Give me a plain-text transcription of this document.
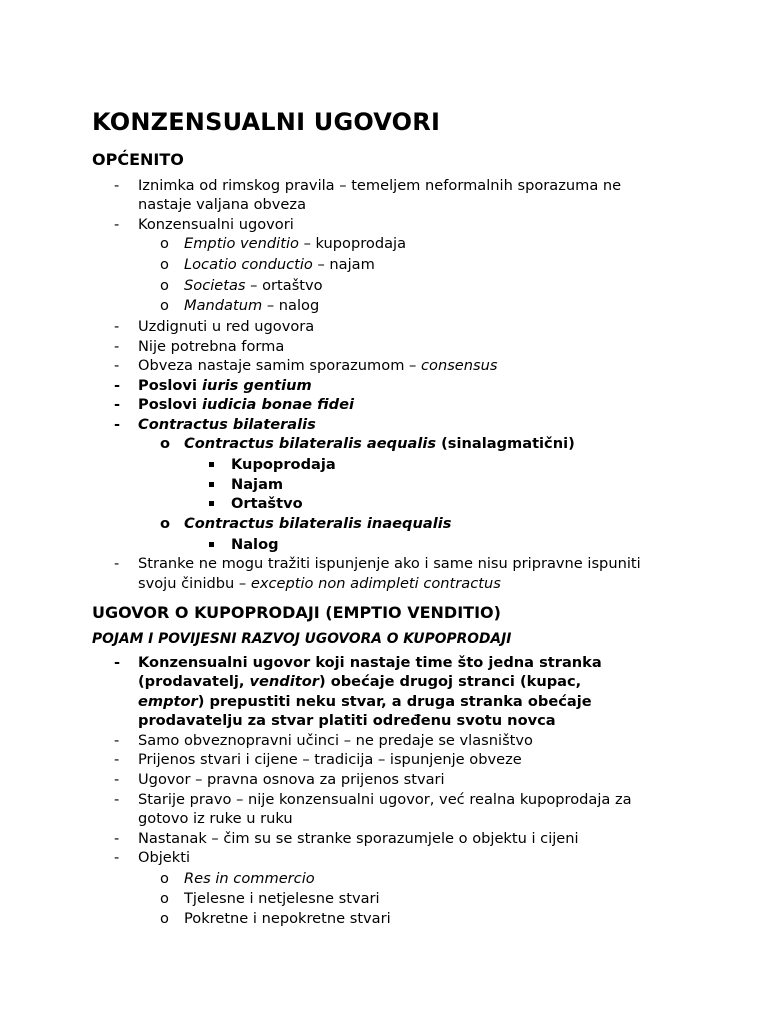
KONZENSUALNI UGOVORI
OPĆENITO
- Iznimka od rimskog pravila – temeljem neformalnih sporazuma ne
nastaje valjana obveza
- Konzensualni ugovori
o Emptio venditio – kupoprodaja
o Locatio conductio – najam
o Societas – ortaštvo
o Mandatum – nalog
- Uzdignuti u red ugovora
- Nije potrebna forma
- Obveza nastaje samim sporazumom – consensus
- Poslovi iuris gentium
- Poslovi iudicia bonae fidei
- Contractus bilateralis
o Contractus bilateralis aequalis (sinalagmatični)
Kupoprodaja
Najam
Ortaštvo
o Contractus bilateralis inaequalis
Nalog
- Stranke ne mogu tražiti ispunjenje ako i same nisu pripravne ispuniti
svoju činidbu – exceptio non adimpleti contractus
UGOVOR O KUPOPRODAJI (EMPTIO VENDITIO)
POJAM I POVIJESNI RAZVOJ UGOVORA O KUPOPRODAJI
- Konzensualni ugovor koji nastaje time što jedna stranka
(prodavatelj, venditor) obećaje drugoj stranci (kupac,
emptor) prepustiti neku stvar, a druga stranka obećaje
prodavatelju za stvar platiti određenu svotu novca
- Samo obveznopravni učinci – ne predaje se vlasništvo
- Prijenos stvari i cijene – tradicija – ispunjenje obveze
- Ugovor – pravna osnova za prijenos stvari
- Starije pravo – nije konzensualni ugovor, već realna kupoprodaja za
gotovo iz ruke u ruku
- Nastanak – čim su se stranke sporazumjele o objektu i cijeni
- Objekti
o Res in commercio
o Tjelesne i netjelesne stvari
o Pokretne i nepokretne stvari
